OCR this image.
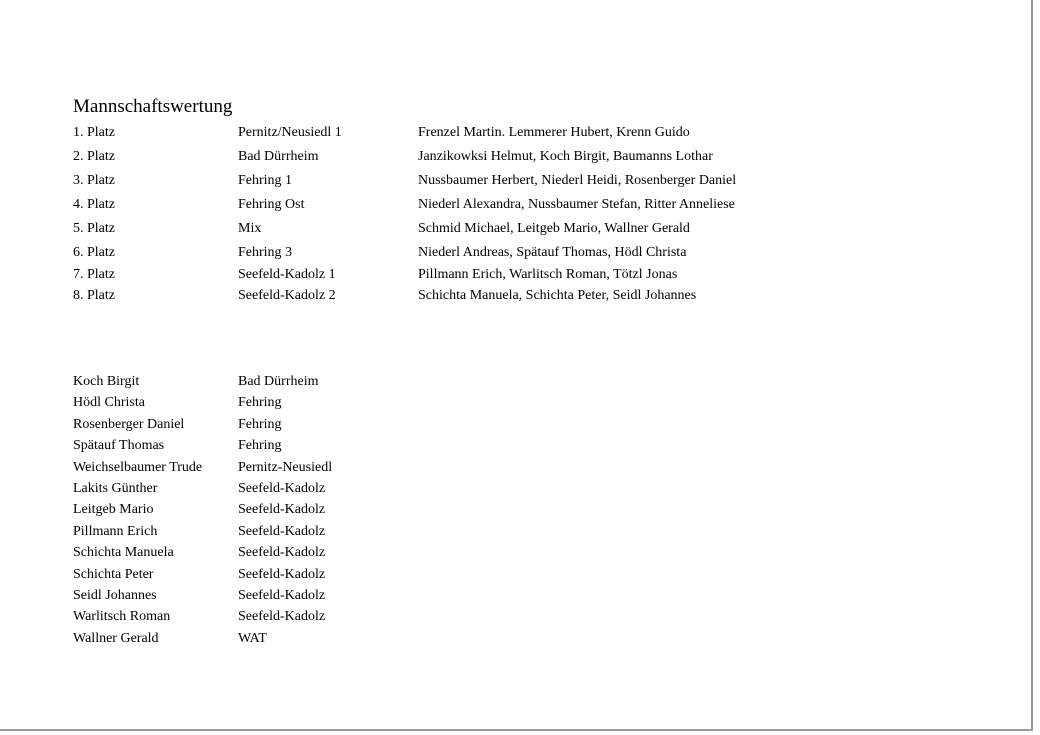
Mannschaftswertung
1. Platz	Pernitz/Neusiedl 1	Frenzel Martin. Lemmerer Hubert, Krenn Guido
2. Platz	Bad Dürrheim	Janzikowksi Helmut, Koch Birgit, Baumanns Lothar
3. Platz	Fehring 1	Nussbaumer Herbert, Niederl Heidi, Rosenberger Daniel
4. Platz	Fehring Ost	Niederl Alexandra, Nussbaumer Stefan, Ritter Anneliese
5. Platz	Mix	Schmid Michael, Leitgeb Mario, Wallner Gerald
6. Platz	Fehring 3	Niederl Andreas, Spätauf Thomas, Hödl Christa
7. Platz	Seefeld-Kadolz 1	Pillmann Erich, Warlitsch Roman, Tötzl Jonas
8. Platz	Seefeld-Kadolz 2	Schichta Manuela, Schichta Peter, Seidl Johannes
Koch Birgit	Bad Dürrheim
Hödl Christa	Fehring
Rosenberger Daniel	Fehring
Spätauf Thomas	Fehring
Weichselbaumer Trude	Pernitz-Neusiedl
Lakits Günther	Seefeld-Kadolz
Leitgeb Mario	Seefeld-Kadolz
Pillmann Erich	Seefeld-Kadolz
Schichta Manuela	Seefeld-Kadolz
Schichta Peter	Seefeld-Kadolz
Seidl Johannes	Seefeld-Kadolz
Warlitsch Roman	Seefeld-Kadolz
Wallner Gerald	WAT
